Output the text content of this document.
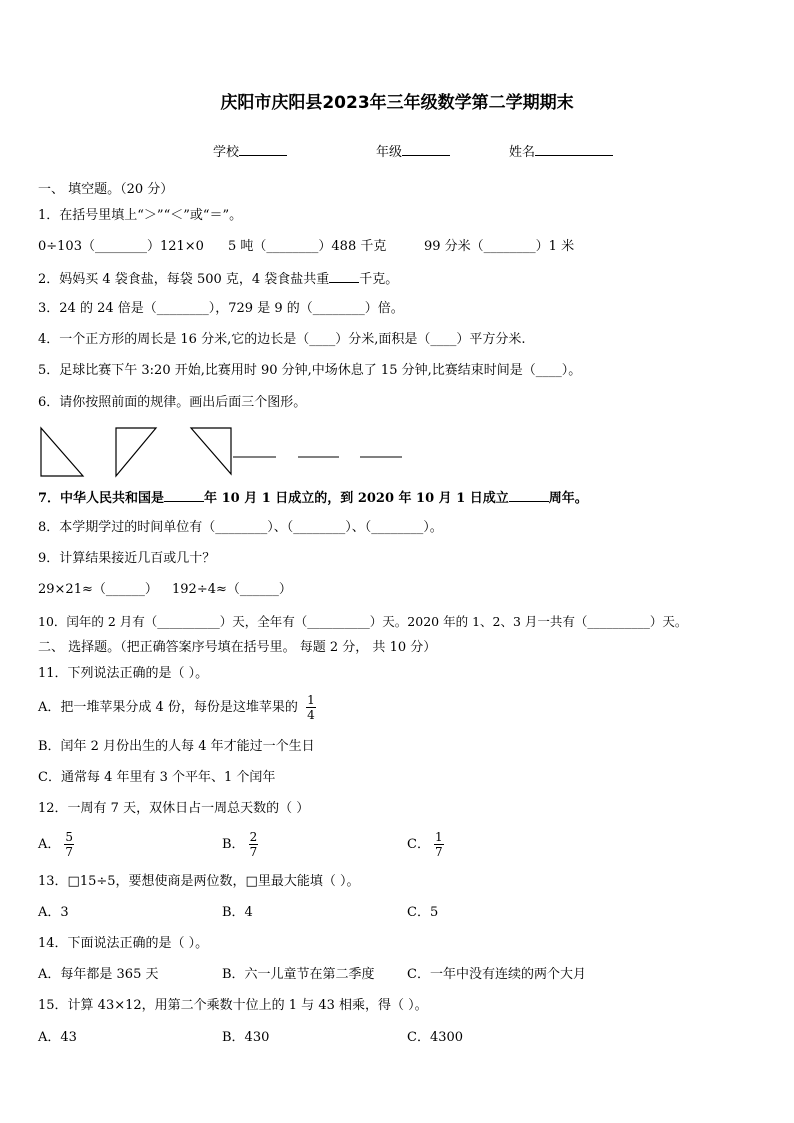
庆阳市庆阳县2023年三年级数学第二学期期末
学校	年级	姓名
一、 填空题。（20 分）
1．在括号里填上“＞”“＜”或“＝”。
0÷103（________）121×0 5 吨（________）488 千克	99 分米（________）1 米
2．妈妈买 4 袋食盐，每袋 500 克，4 袋食盐共重 千克。
3．24 的 24 倍是（________），729 是 9 的（________）倍。
4．一个正方形的周长是 16 分米,它的边长是（____）分米,面积是（____）平方分米.
5．足球比赛下午 3:20 开始,比赛用时 90 分钟,中场休息了 15 分钟,比赛结束时间是（____）。
6．请你按照前面的规律。画出后面三个图形。
7．中华人民共和国是	年 10 月 1 日成立的，到 2020 年 10 月 1 日成立	周年。
8．本学期学过的时间单位有（________）、（________）、（________）。
9．计算结果接近几百或几十？
29×21≈（______） 192÷4≈（______）
10．闰年的 2 月有（__________）天，全年有（__________）天。2020 年的 1、2、3 月一共有（__________）天。
二、 选择题。（把正确答案序号填在括号里。 每题 2 分， 共 10 分）
11．下列说法正确的是（ ）。
A．把一堆苹果分成 4 份，每份是这堆苹果的 $\frac{1}{4}$
B．闰年 2 月份出生的人每 4 年才能过一个生日
C．通常每 4 年里有 3 个平年、1 个闰年
12．一周有 7 天，双休日占一周总天数的（ ）
A． $\frac{5}{7}$	B． $\frac{2}{7}$	C． $\frac{1}{7}$
13．□15÷5，要想使商是两位数，□里最大能填（ ）。
A．3	B．4	C．5
14．下面说法正确的是（ ）。
A．每年都是 365 天	B．六一儿童节在第二季度 C．一年中没有连续的两个大月
15．计算 43×12，用第二个乘数十位上的 1 与 43 相乘，得（ ）。
A．43	B．430	C．4300
